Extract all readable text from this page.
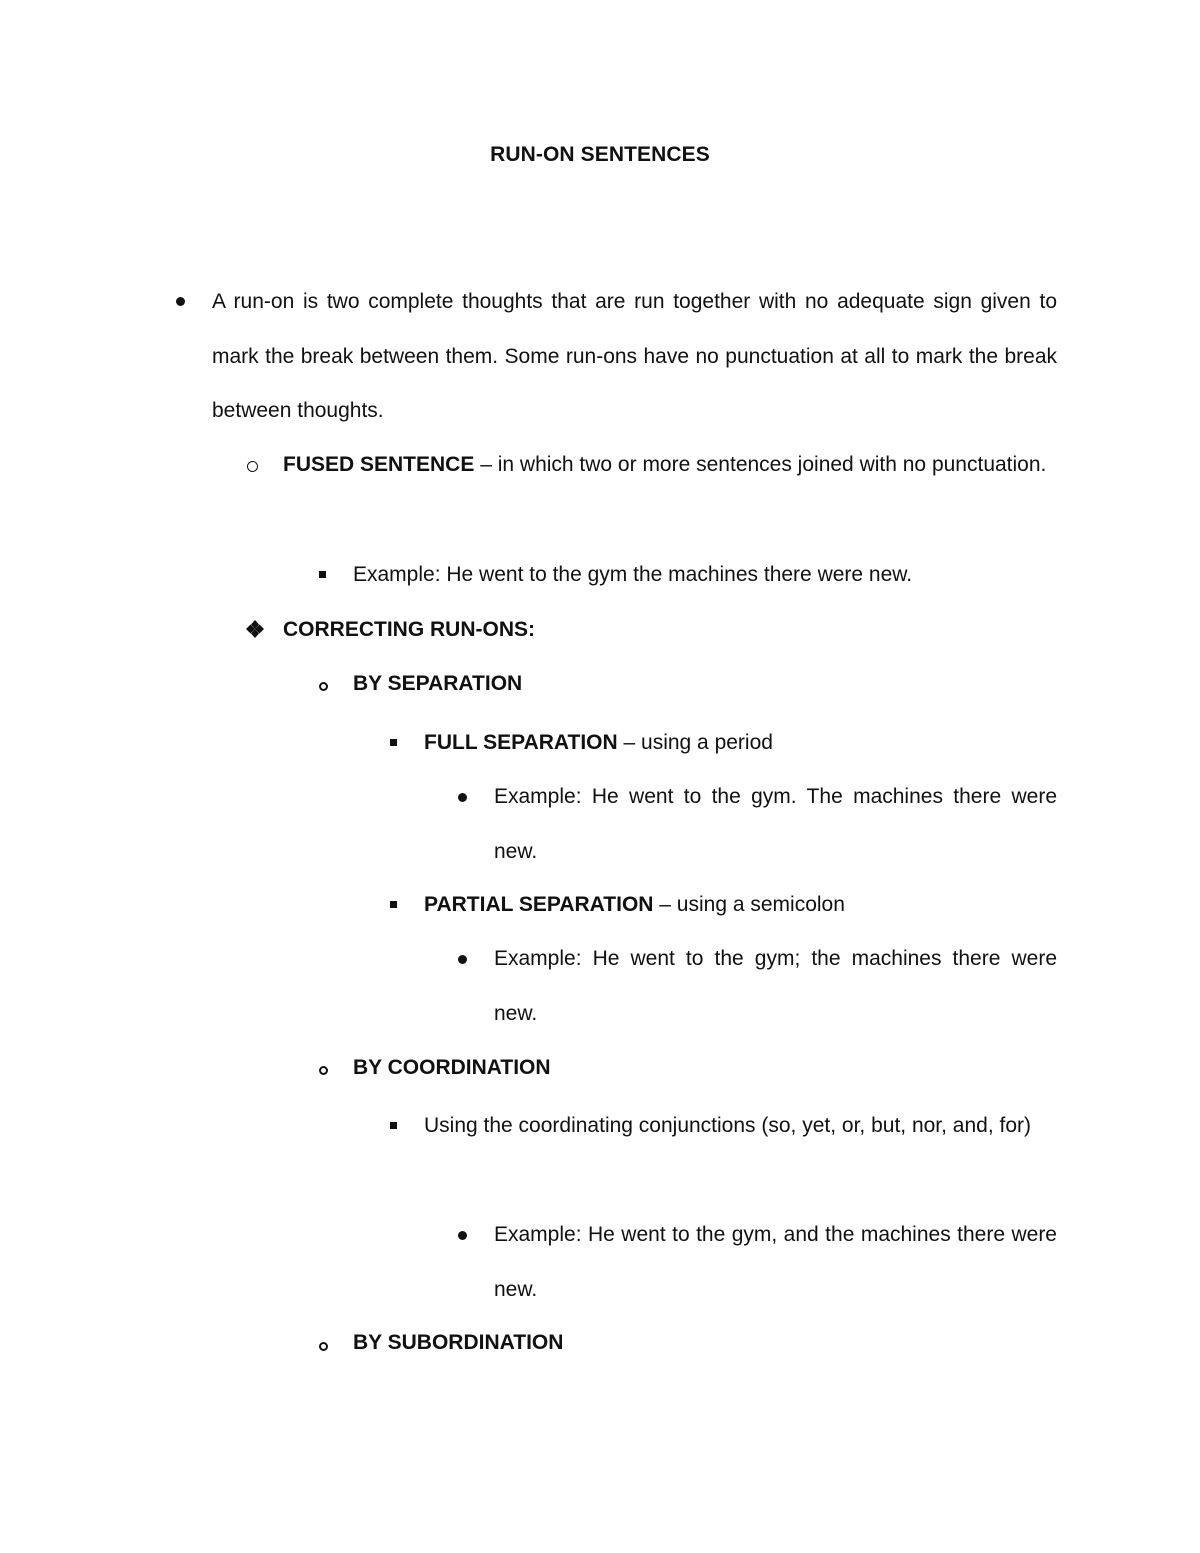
RUN-ON SENTENCES
A run-on is two complete thoughts that are run together with no adequate sign given to mark the break between them. Some run-ons have no punctuation at all to mark the break between thoughts.
FUSED SENTENCE – in which two or more sentences joined with no punctuation.
Example: He went to the gym the machines there were new.
CORRECTING RUN-ONS:
BY SEPARATION
FULL SEPARATION – using a period
Example: He went to the gym. The machines there were new.
PARTIAL SEPARATION – using a semicolon
Example: He went to the gym; the machines there were new.
BY COORDINATION
Using the coordinating conjunctions (so, yet, or, but, nor, and, for)
Example: He went to the gym, and the machines there were new.
BY SUBORDINATION
